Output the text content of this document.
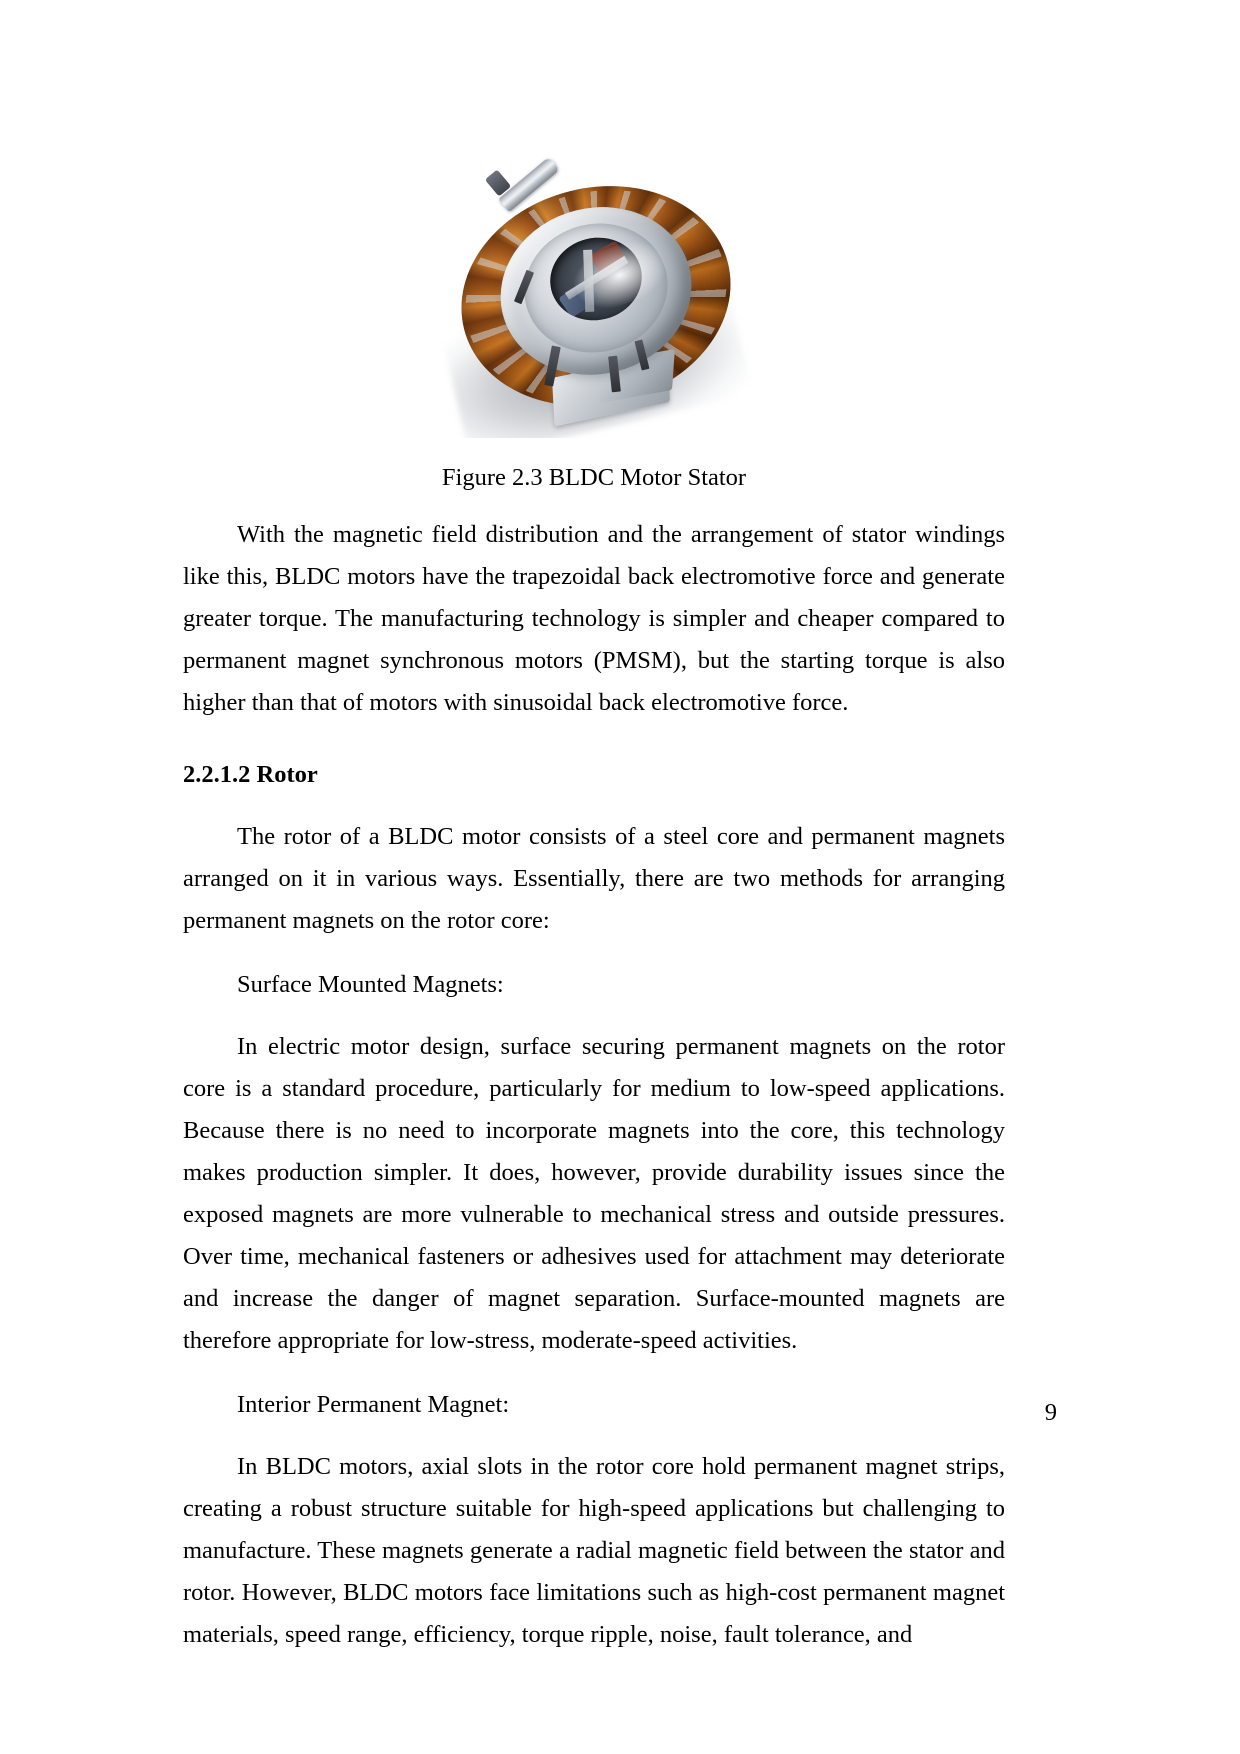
Figure 2.3 BLDC Motor Stator

With the magnetic field distribution and the arrangement of stator windings like this, BLDC motors have the trapezoidal back electromotive force and generate greater torque. The manufacturing technology is simpler and cheaper compared to permanent magnet synchronous motors (PMSM), but the starting torque is also higher than that of motors with sinusoidal back electromotive force.

2.2.1.2 Rotor

The rotor of a BLDC motor consists of a steel core and permanent magnets arranged on it in various ways. Essentially, there are two methods for arranging permanent magnets on the rotor core:

Surface Mounted Magnets:

In electric motor design, surface securing permanent magnets on the rotor core is a standard procedure, particularly for medium to low-speed applications. Because there is no need to incorporate magnets into the core, this technology makes production simpler. It does, however, provide durability issues since the exposed magnets are more vulnerable to mechanical stress and outside pressures. Over time, mechanical fasteners or adhesives used for attachment may deteriorate and increase the danger of magnet separation. Surface-mounted magnets are therefore appropriate for low-stress, moderate-speed activities.

Interior Permanent Magnet:

In BLDC motors, axial slots in the rotor core hold permanent magnet strips, creating a robust structure suitable for high-speed applications but challenging to manufacture. These magnets generate a radial magnetic field between the stator and rotor. However, BLDC motors face limitations such as high-cost permanent magnet materials, speed range, efficiency, torque ripple, noise, fault tolerance, and

9
